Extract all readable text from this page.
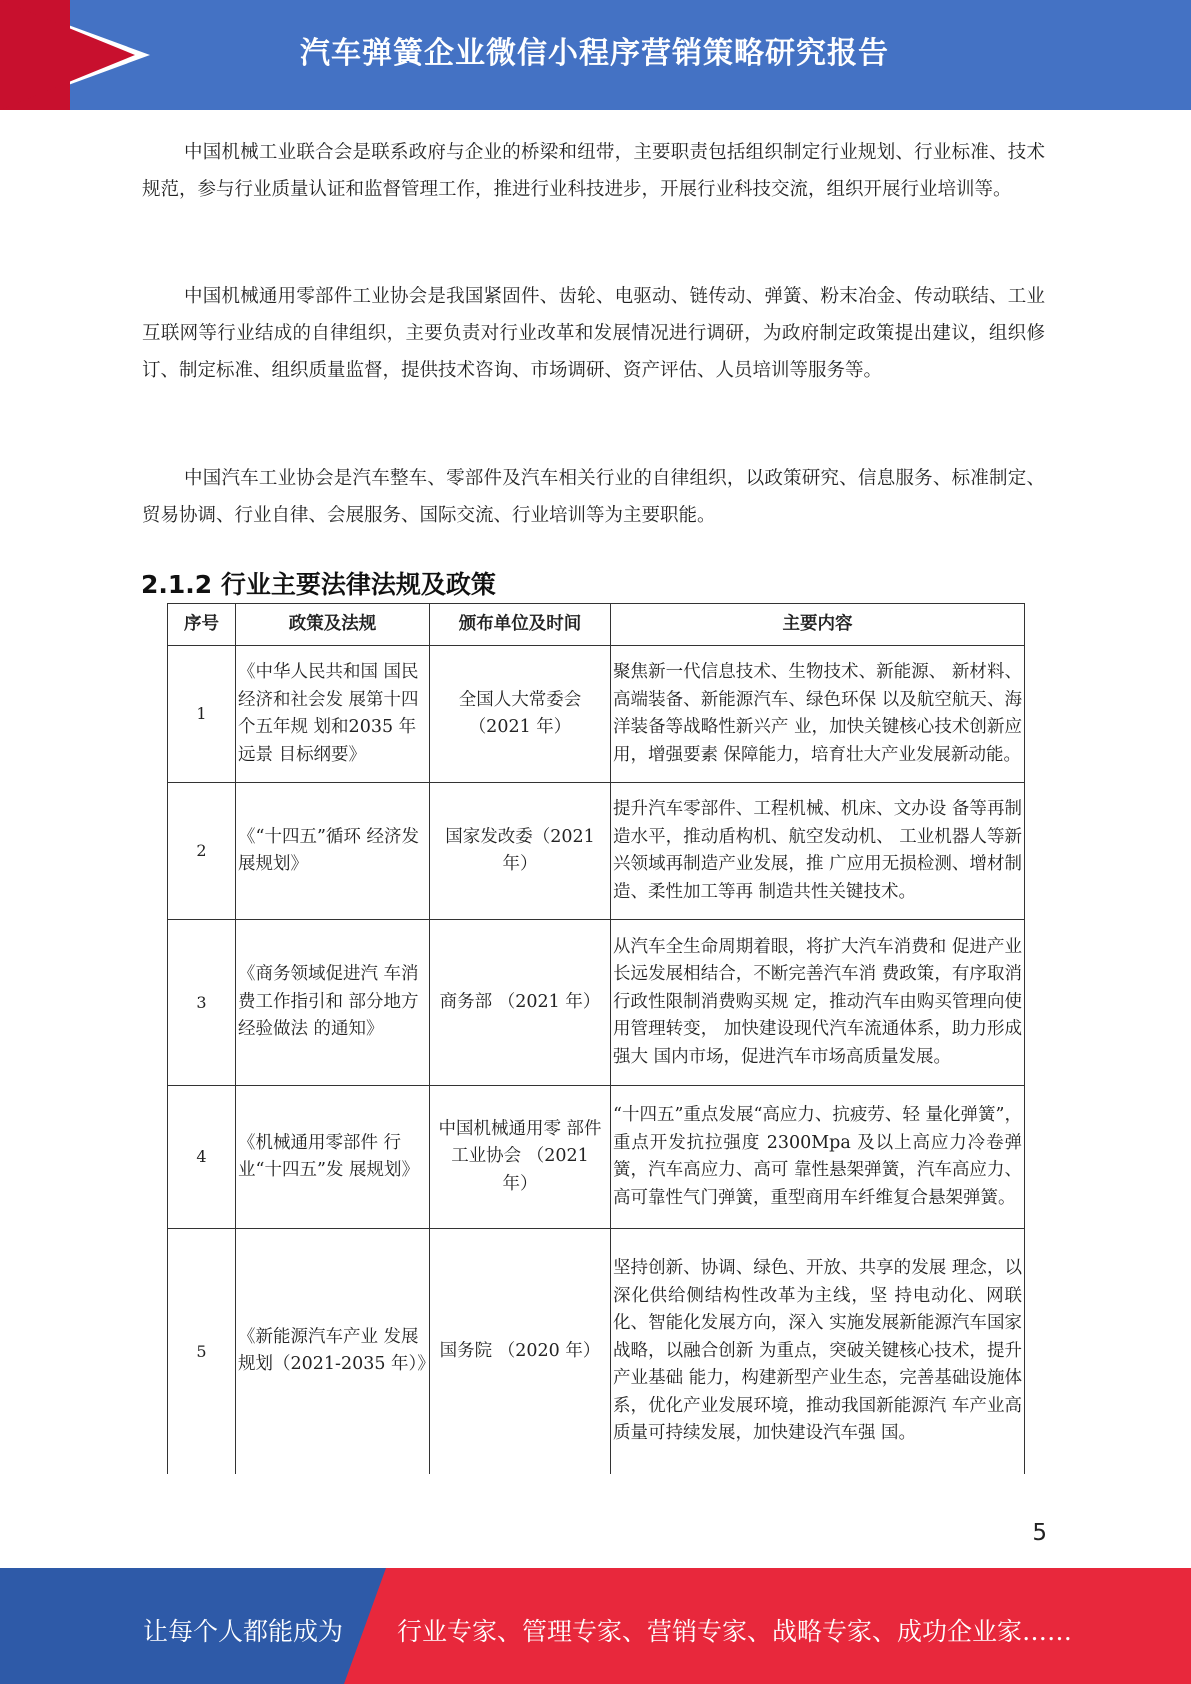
汽车弹簧企业微信小程序营销策略研究报告

中国机械工业联合会是联系政府与企业的桥梁和纽带，主要职责包括组织制定行业规划、行业标准、技术规范，参与行业质量认证和监督管理工作，推进行业科技进步，开展行业科技交流，组织开展行业培训等。

中国机械通用零部件工业协会是我国紧固件、齿轮、电驱动、链传动、弹簧、粉末冶金、传动联结、工业互联网等行业结成的自律组织，主要负责对行业改革和发展情况进行调研，为政府制定政策提出建议，组织修订、制定标准、组织质量监督，提供技术咨询、市场调研、资产评估、人员培训等服务等。

中国汽车工业协会是汽车整车、零部件及汽车相关行业的自律组织，以政策研究、信息服务、标准制定、贸易协调、行业自律、会展服务、国际交流、行业培训等为主要职能。

2.1.2 行业主要法律法规及政策
序号	政策及法规	颁布单位及时间	主要内容
1	《中华人民共和国 国民经济和社会发 展第十四个五年规 划和2035 年远景 目标纲要》	全国人大常委会（2021 年）	聚焦新一代信息技术、生物技术、新能源、 新材料、高端装备、新能源汽车、绿色环保 以及航空航天、海洋装备等战略性新兴产 业，加快关键核心技术创新应用，增强要素 保障能力，培育壮大产业发展新动能。
2	《“十四五”循环 经济发展规划》	国家发改委（2021 年）	提升汽车零部件、工程机械、机床、文办设 备等再制造水平，推动盾构机、航空发动机、 工业机器人等新兴领域再制造产业发展，推 广应用无损检测、增材制造、柔性加工等再 制造共性关键技术。
3	《商务领域促进汽 车消费工作指引和 部分地方经验做法 的通知》	商务部 （2021 年）	从汽车全生命周期着眼，将扩大汽车消费和 促进产业长远发展相结合，不断完善汽车消 费政策，有序取消行政性限制消费购买规 定，推动汽车由购买管理向使用管理转变， 加快建设现代汽车流通体系，助力形成强大 国内市场，促进汽车市场高质量发展。
4	《机械通用零部件 行业“十四五”发 展规划》	中国机械通用零 部件工业协会 （2021 年）	“十四五”重点发展“高应力、抗疲劳、轻 量化弹簧”，重点开发抗拉强度 2300Mpa 及以上高应力冷卷弹簧，汽车高应力、高可 靠性悬架弹簧，汽车高应力、高可靠性气门弹簧，重型商用车纤维复合悬架弹簧。
5	《新能源汽车产业 发展规划（2021-2035 年）》	国务院 （2020 年）	坚持创新、协调、绿色、开放、共享的发展 理念，以深化供给侧结构性改革为主线，坚 持电动化、网联化、智能化发展方向，深入 实施发展新能源汽车国家战略，以融合创新 为重点，突破关键核心技术，提升产业基础 能力，构建新型产业生态，完善基础设施体 系，优化产业发展环境，推动我国新能源汽 车产业高质量可持续发展，加快建设汽车强 国。
5
让每个人都能成为 行业专家、管理专家、营销专家、战略专家、成功企业家……
